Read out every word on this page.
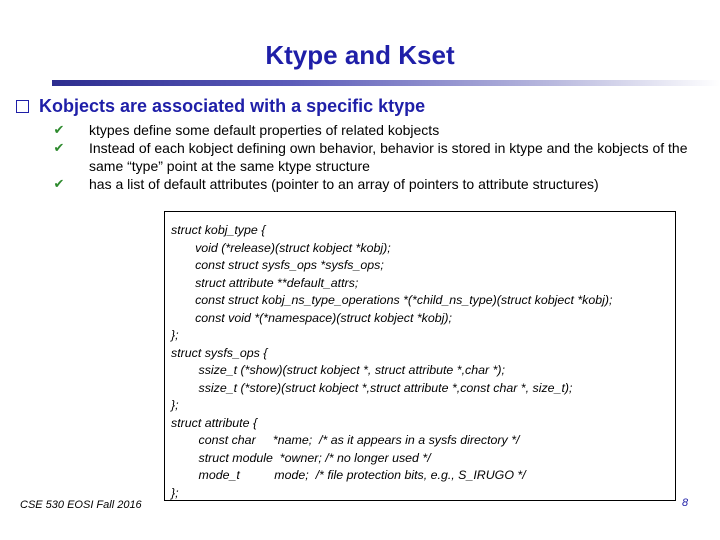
Ktype and Kset
Kobjects are associated with a specific ktype
✔ ktypes define some default properties of related kobjects
✔ Instead of each kobject defining own behavior, behavior is stored in ktype and the kobjects of the same “type” point at the same ktype structure
✔ has a list of default attributes (pointer to an array of pointers to attribute structures)
struct kobj_type {
void (*release)(struct kobject *kobj);
const struct sysfs_ops *sysfs_ops;
struct attribute **default_attrs;
const struct kobj_ns_type_operations *(*child_ns_type)(struct kobject *kobj);
const void *(*namespace)(struct kobject *kobj);
};
struct sysfs_ops {
ssize_t (*show)(struct kobject *, struct attribute *,char *);
ssize_t (*store)(struct kobject *,struct attribute *,const char *, size_t);
};
struct attribute {
const char     *name;  /* as it appears in a sysfs directory */
struct module  *owner; /* no longer used */
mode_t          mode;  /* file protection bits, e.g., S_IRUGO */
};
CSE 530 EOSI Fall 2016	8
